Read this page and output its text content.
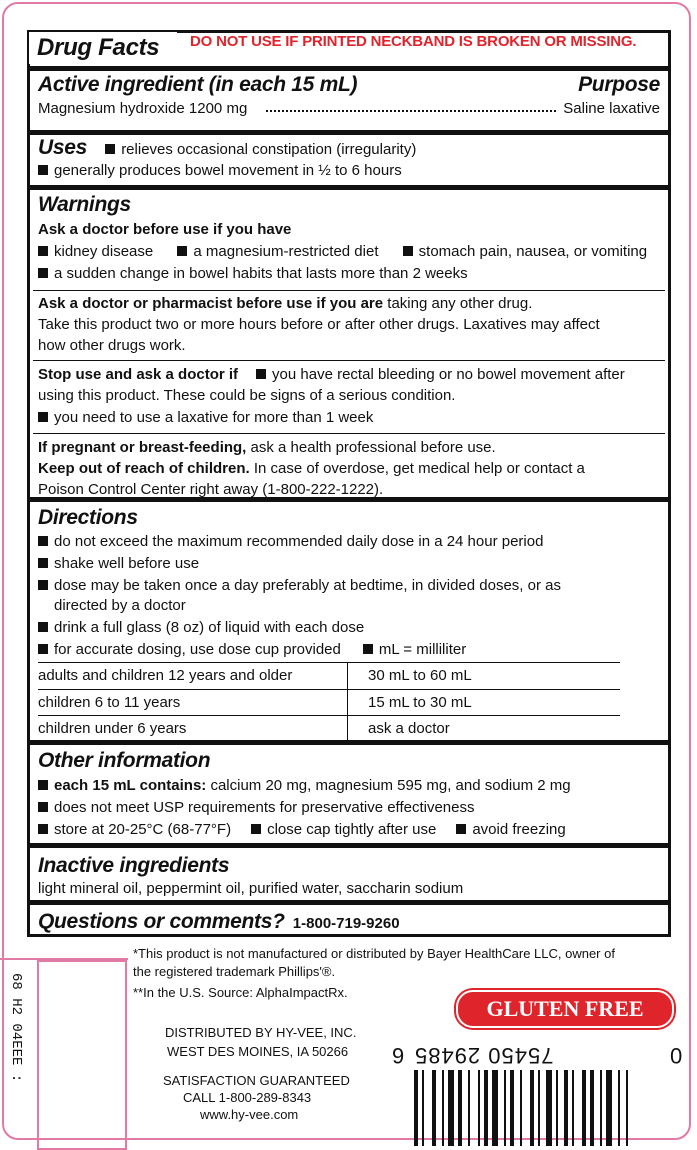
Drug Facts	DO NOT USE IF PRINTED NECKBAND IS BROKEN OR MISSING.
Active ingredient (in each 15 mL)	Purpose
Magnesium hydroxide 1200 mg	Saline laxative
Uses relieves occasional constipation (irregularity)
generally produces bowel movement in ½ to 6 hours
Warnings
Ask a doctor before use if you have
kidney disease	a magnesium-restricted diet	stomach pain, nausea, or vomiting
a sudden change in bowel habits that lasts more than 2 weeks
Ask a doctor or pharmacist before use if you are taking any other drug.
Take this product two or more hours before or after other drugs. Laxatives may affect
how other drugs work.
Stop use and ask a doctor if you have rectal bleeding or no bowel movement after
using this product. These could be signs of a serious condition.
you need to use a laxative for more than 1 week
If pregnant or breast-feeding, ask a health professional before use.
Keep out of reach of children. In case of overdose, get medical help or contact a
Poison Control Center right away (1-800-222-1222).
Directions
do not exceed the maximum recommended daily dose in a 24 hour period
shake well before use
dose may be taken once a day preferably at bedtime, in divided doses, or as
directed by a doctor
drink a full glass (8 oz) of liquid with each dose
for accurate dosing, use dose cup provided	mL = milliliter
adults and children 12 years and older	30 mL to 60 mL
children 6 to 11 years	15 mL to 30 mL
children under 6 years	ask a doctor
Other information
each 15 mL contains: calcium 20 mg, magnesium 595 mg, and sodium 2 mg
does not meet USP requirements for preservative effectiveness
store at 20-25°C (68-77°F) close cap tightly after use avoid freezing
Inactive ingredients
light mineral oil, peppermint oil, purified water, saccharin sodium
Questions or comments? 1-800-719-9260
*This product is not manufactured or distributed by Bayer HealthCare LLC, owner of
the registered trademark Phillips'®.
**In the U.S. Source: AlphaImpactRx.
GLUTEN FREE
DISTRIBUTED BY HY-VEE, INC.
WEST DES MOINES, IA 50266
SATISFACTION GUARANTEED
CALL 1-800-289-8343
www.hy-vee.com
68 H2 04EEE :	6 75450 29485	0
